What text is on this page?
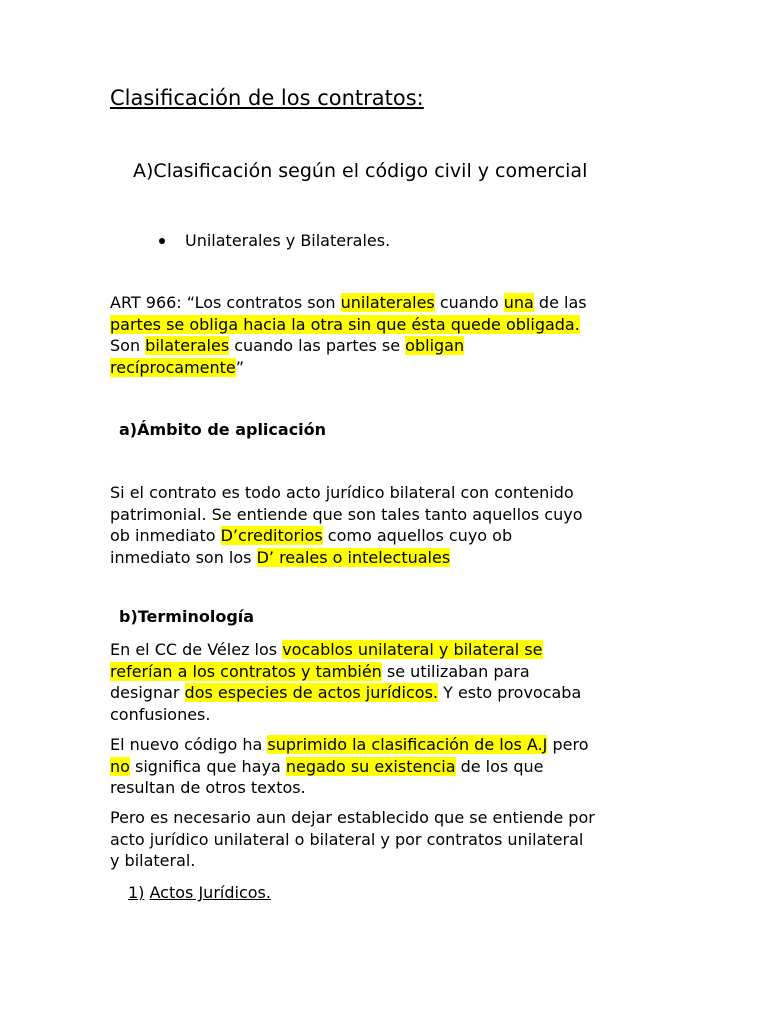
Clasificación de los contratos:
A)Clasificación según el código civil y comercial
Unilaterales y Bilaterales.
ART 966: “Los contratos son unilaterales cuando una de las
partes se obliga hacia la otra sin que ésta quede obligada.
Son bilaterales cuando las partes se obligan
recíprocamente”
a)Ámbito de aplicación
Si el contrato es todo acto jurídico bilateral con contenido
patrimonial. Se entiende que son tales tanto aquellos cuyo
ob inmediato D’creditorios como aquellos cuyo ob
inmediato son los D’ reales o intelectuales
b)Terminología
En el CC de Vélez los vocablos unilateral y bilateral se
referían a los contratos y también se utilizaban para
designar dos especies de actos jurídicos. Y esto provocaba
confusiones.
El nuevo código ha suprimido la clasificación de los A.J pero
no significa que haya negado su existencia de los que
resultan de otros textos.
Pero es necesario aun dejar establecido que se entiende por
acto jurídico unilateral o bilateral y por contratos unilateral
y bilateral.
1) Actos Jurídicos.
